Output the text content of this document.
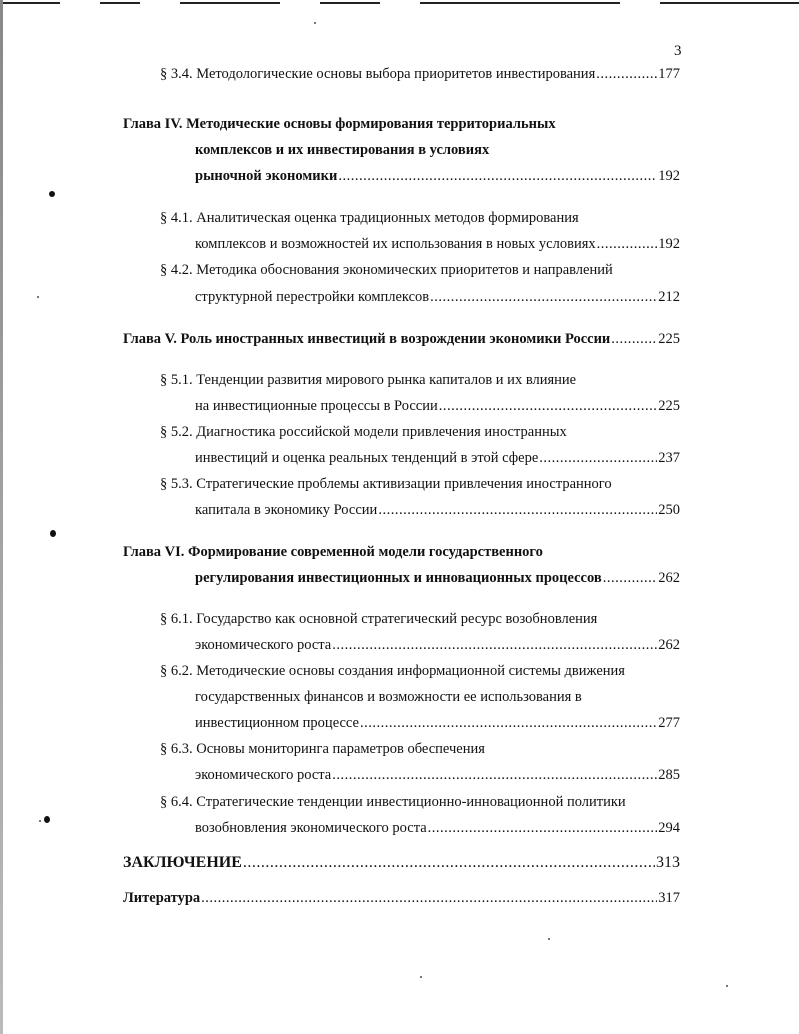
3
§ 3.4. Методологические основы выбора приоритетов инвестирования .....	177
Глава IV. Методические основы формирования территориальных
комплексов и их инвестирования в условиях
рыночной экономики .....	192
§ 4.1. Аналитическая оценка традиционных методов формирования
комплексов и возможностей их использования в новых условиях .....	192
§ 4.2. Методика обоснования экономических приоритетов и направлений
структурной перестройки комплексов .....	212
Глава V. Роль иностранных инвестиций в возрождении экономики России .....	225
§ 5.1. Тенденции развития мирового рынка капиталов и их влияние
на инвестиционные процессы в России .....	225
§ 5.2. Диагностика российской модели привлечения иностранных
инвестиций и оценка реальных тенденций в этой сфере .....	237
§ 5.3. Стратегические проблемы активизации привлечения иностранного
капитала в экономику России .....	250
Глава VI. Формирование современной модели государственного
регулирования инвестиционных и инновационных процессов .....	262
§ 6.1. Государство как основной стратегический ресурс возобновления
экономического роста .....	262
§ 6.2. Методические основы создания информационной системы движения
государственных финансов и возможности ее использования в
инвестиционном процессе .....	277
§ 6.3. Основы мониторинга параметров обеспечения
экономического роста .....	285
§ 6.4. Стратегические тенденции инвестиционно-инновационной политики
возобновления экономического роста .....	294
ЗАКЛЮЧЕНИЕ .....	313
Литература .....	317
